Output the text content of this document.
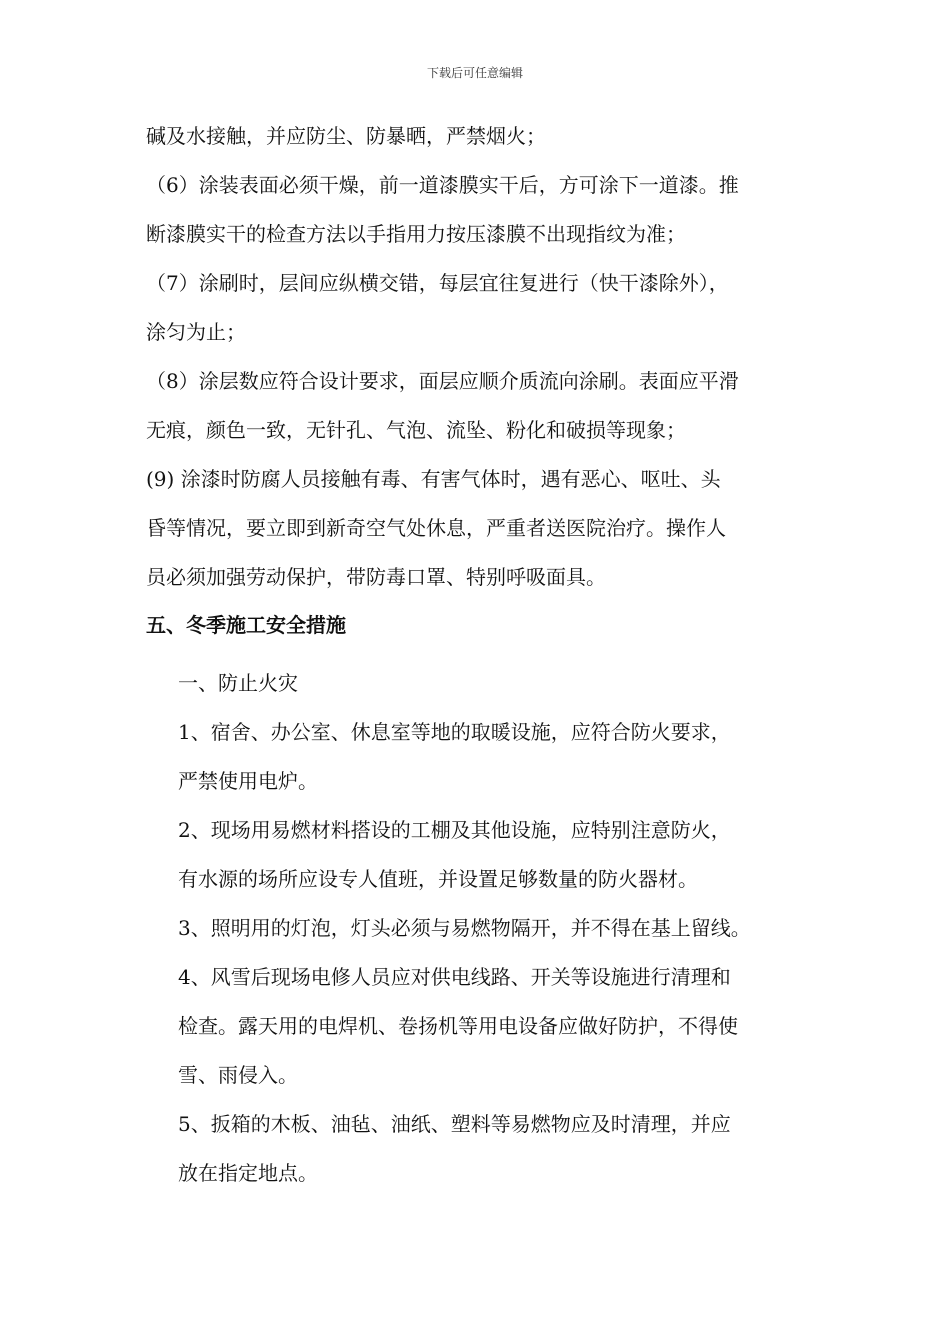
下载后可任意编辑
碱及水接触，并应防尘、防暴晒，严禁烟火；
（6）涂装表面必须干燥，前一道漆膜实干后，方可涂下一道漆。推
断漆膜实干的检查方法以手指用力按压漆膜不出现指纹为准；
（7）涂刷时，层间应纵横交错，每层宜往复进行（快干漆除外），
涂匀为止；
（8）涂层数应符合设计要求，面层应顺介质流向涂刷。表面应平滑
无痕，颜色一致，无针孔、气泡、流坠、粉化和破损等现象；
(9) 涂漆时防腐人员接触有毒、有害气体时，遇有恶心、呕吐、头
昏等情况，要立即到新奇空气处休息，严重者送医院治疗。操作人
员必须加强劳动保护，带防毒口罩、特别呼吸面具。
五、冬季施工安全措施
一、防止火灾
1、宿舍、办公室、休息室等地的取暖设施，应符合防火要求，
严禁使用电炉。
2、现场用易燃材料搭设的工棚及其他设施，应特别注意防火，
有水源的场所应设专人值班，并设置足够数量的防火器材。
3、照明用的灯泡，灯头必须与易燃物隔开，并不得在基上留线。
4、风雪后现场电修人员应对供电线路、开关等设施进行清理和
检查。露天用的电焊机、卷扬机等用电设备应做好防护，不得使
雪、雨侵入。
5、扳箱的木板、油毡、油纸、塑料等易燃物应及时清理，并应
放在指定地点。
